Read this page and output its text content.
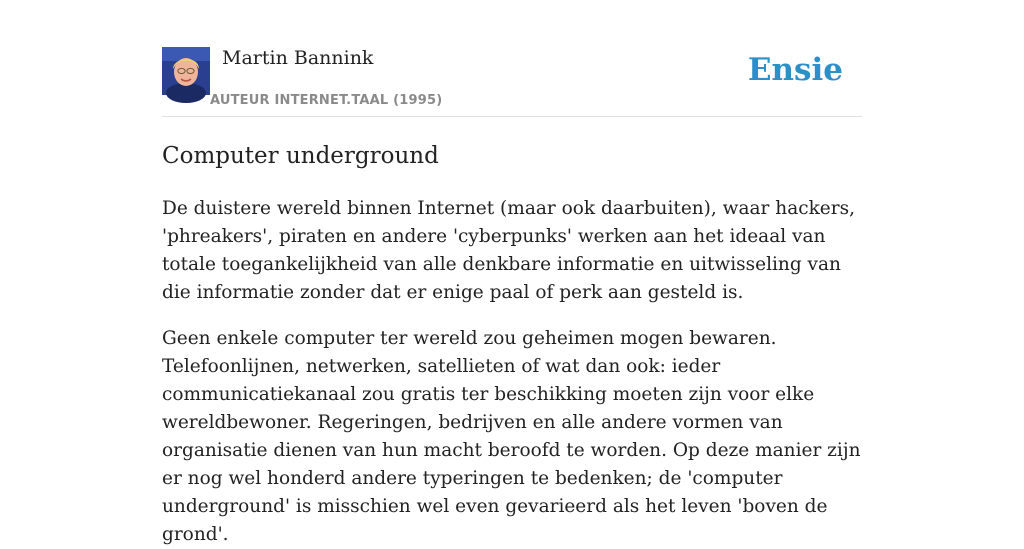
Martin Bannink
AUTEUR INTERNET.TAAL (1995)
Ensie
Computer underground

De duistere wereld binnen Internet (maar ook daarbuiten), waar hackers, 'phreakers', piraten en andere 'cyberpunks' werken aan het ideaal van totale toegankelijkheid van alle denkbare informatie en uitwisseling van die informatie zonder dat er enige paal of perk aan gesteld is.

Geen enkele computer ter wereld zou geheimen mogen bewaren. Telefoonlijnen, netwerken, satellieten of wat dan ook: ieder communicatiekanaal zou gratis ter beschikking moeten zijn voor elke wereldbewoner. Regeringen, bedrijven en alle andere vormen van organisatie dienen van hun macht beroofd te worden. Op deze manier zijn er nog wel honderd andere typeringen te bedenken; de 'computer underground' is misschien wel even gevarieerd als het leven 'boven de grond'.
